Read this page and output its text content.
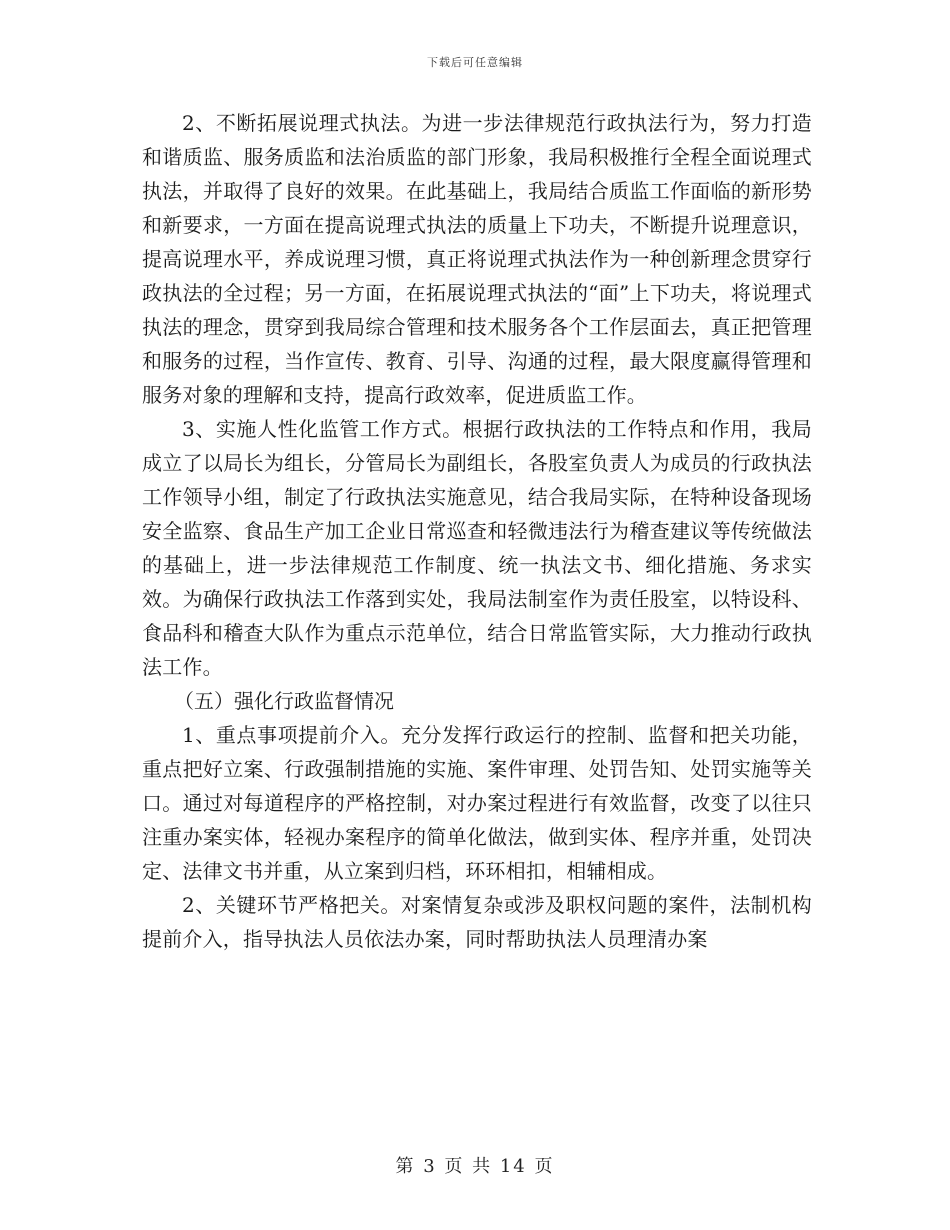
下载后可任意编辑

2、不断拓展说理式执法。为进一步法律规范行政执法行为，努力打造和谐质监、服务质监和法治质监的部门形象，我局积极推行全程全面说理式执法，并取得了良好的效果。在此基础上，我局结合质监工作面临的新形势和新要求，一方面在提高说理式执法的质量上下功夫，不断提升说理意识，提高说理水平，养成说理习惯，真正将说理式执法作为一种创新理念贯穿行政执法的全过程；另一方面，在拓展说理式执法的“面”上下功夫，将说理式执法的理念，贯穿到我局综合管理和技术服务各个工作层面去，真正把管理和服务的过程，当作宣传、教育、引导、沟通的过程，最大限度赢得管理和服务对象的理解和支持，提高行政效率，促进质监工作。

3、实施人性化监管工作方式。根据行政执法的工作特点和作用，我局成立了以局长为组长，分管局长为副组长，各股室负责人为成员的行政执法工作领导小组，制定了行政执法实施意见，结合我局实际，在特种设备现场安全监察、食品生产加工企业日常巡查和轻微违法行为稽查建议等传统做法的基础上，进一步法律规范工作制度、统一执法文书、细化措施、务求实效。为确保行政执法工作落到实处，我局法制室作为责任股室，以特设科、食品科和稽查大队作为重点示范单位，结合日常监管实际，大力推动行政执法工作。

（五）强化行政监督情况

1、重点事项提前介入。充分发挥行政运行的控制、监督和把关功能，重点把好立案、行政强制措施的实施、案件审理、处罚告知、处罚实施等关口。通过对每道程序的严格控制，对办案过程进行有效监督，改变了以往只注重办案实体，轻视办案程序的简单化做法，做到实体、程序并重，处罚决定、法律文书并重，从立案到归档，环环相扣，相辅相成。

2、关键环节严格把关。对案情复杂或涉及职权问题的案件，法制机构提前介入，指导执法人员依法办案，同时帮助执法人员理清办案

第 3 页 共 14 页
